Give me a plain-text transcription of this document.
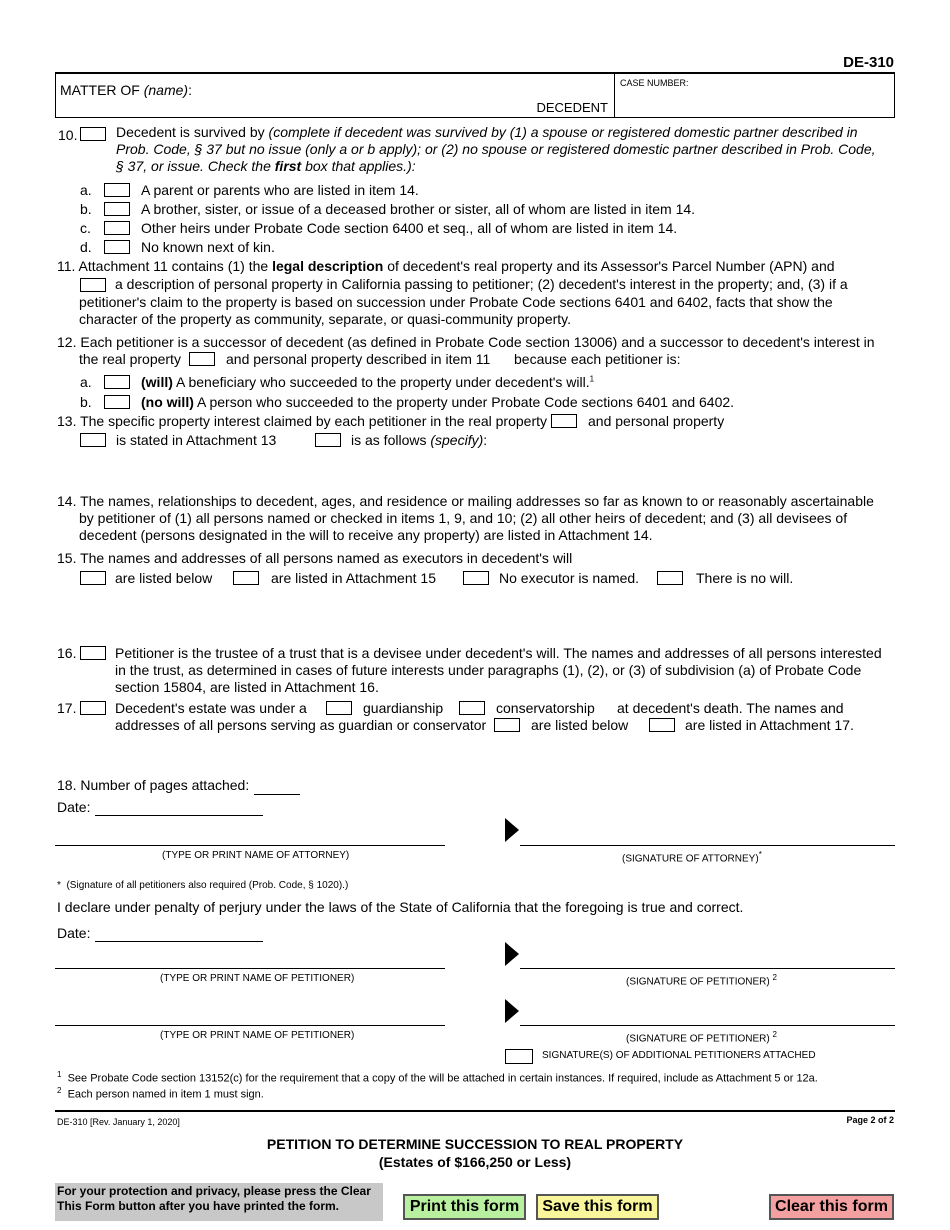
DE-310
MATTER OF (name):
DECEDENT
CASE NUMBER:
10.	Decedent is survived by (complete if decedent was survived by (1) a spouse or registered domestic partner described in
Prob. Code, § 37 but no issue (only a or b apply); or (2) no spouse or registered domestic partner described in Prob. Code,
§ 37, or issue. Check the first box that applies.):
a.	A parent or parents who are listed in item 14.
b.	A brother, sister, or issue of a deceased brother or sister, all of whom are listed in item 14.
c.	Other heirs under Probate Code section 6400 et seq., all of whom are listed in item 14.
d.	No known next of kin.
11. Attachment 11 contains (1) the legal description of decedent's real property and its Assessor's Parcel Number (APN) and
a description of personal property in California passing to petitioner; (2) decedent's interest in the property; and, (3) if a
petitioner's claim to the property is based on succession under Probate Code sections 6401 and 6402, facts that show the
character of the property as community, separate, or quasi-community property.
12. Each petitioner is a successor of decedent (as defined in Probate Code section 13006) and a successor to decedent's interest in
the real property	and personal property described in item 11 because each petitioner is:
a.	(will) A beneficiary who succeeded to the property under decedent's will.$^1$
b.	(no will) A person who succeeded to the property under Probate Code sections 6401 and 6402.
13. The specific property interest claimed by each petitioner in the real property	and personal property
is stated in Attachment 13	is as follows (specify):
14. The names, relationships to decedent, ages, and residence or mailing addresses so far as known to or reasonably ascertainable
by petitioner of (1) all persons named or checked in items 1, 9, and 10; (2) all other heirs of decedent; and (3) all devisees of
decedent (persons designated in the will to receive any property) are listed in Attachment 14.
15. The names and addresses of all persons named as executors in decedent's will
are listed below	are listed in Attachment 15	No executor is named.	There is no will.
16.	Petitioner is the trustee of a trust that is a devisee under decedent's will. The names and addresses of all persons interested
in the trust, as determined in cases of future interests under paragraphs (1), (2), or (3) of subdivision (a) of Probate Code
section 15804, are listed in Attachment 16.
17.	Decedent's estate was under a	guardianship	conservatorship at decedent's death. The names and
addresses of all persons serving as guardian or conservator	are listed below	are listed in Attachment 17.
18. Number of pages attached:
Date:
(TYPE OR PRINT NAME OF ATTORNEY)	(SIGNATURE OF ATTORNEY)*
* (Signature of all petitioners also required (Prob. Code, § 1020).)
I declare under penalty of perjury under the laws of the State of California that the foregoing is true and correct.
Date:
(TYPE OR PRINT NAME OF PETITIONER)	(SIGNATURE OF PETITIONER) $^2$
(TYPE OR PRINT NAME OF PETITIONER)	(SIGNATURE OF PETITIONER) $^2$
SIGNATURE(S) OF ADDITIONAL PETITIONERS ATTACHED
$^1$ See Probate Code section 13152(c) for the requirement that a copy of the will be attached in certain instances. If required, include as Attachment 5 or 12a.
$^2$ Each person named in item 1 must sign.
DE-310 [Rev. January 1, 2020]	Page 2 of 2
PETITION TO DETERMINE SUCCESSION TO REAL PROPERTY
(Estates of $166,250 or Less)
For your protection and privacy, please press the Clear This Form button after you have printed the form.	Print this form	Save this form	Clear this form
